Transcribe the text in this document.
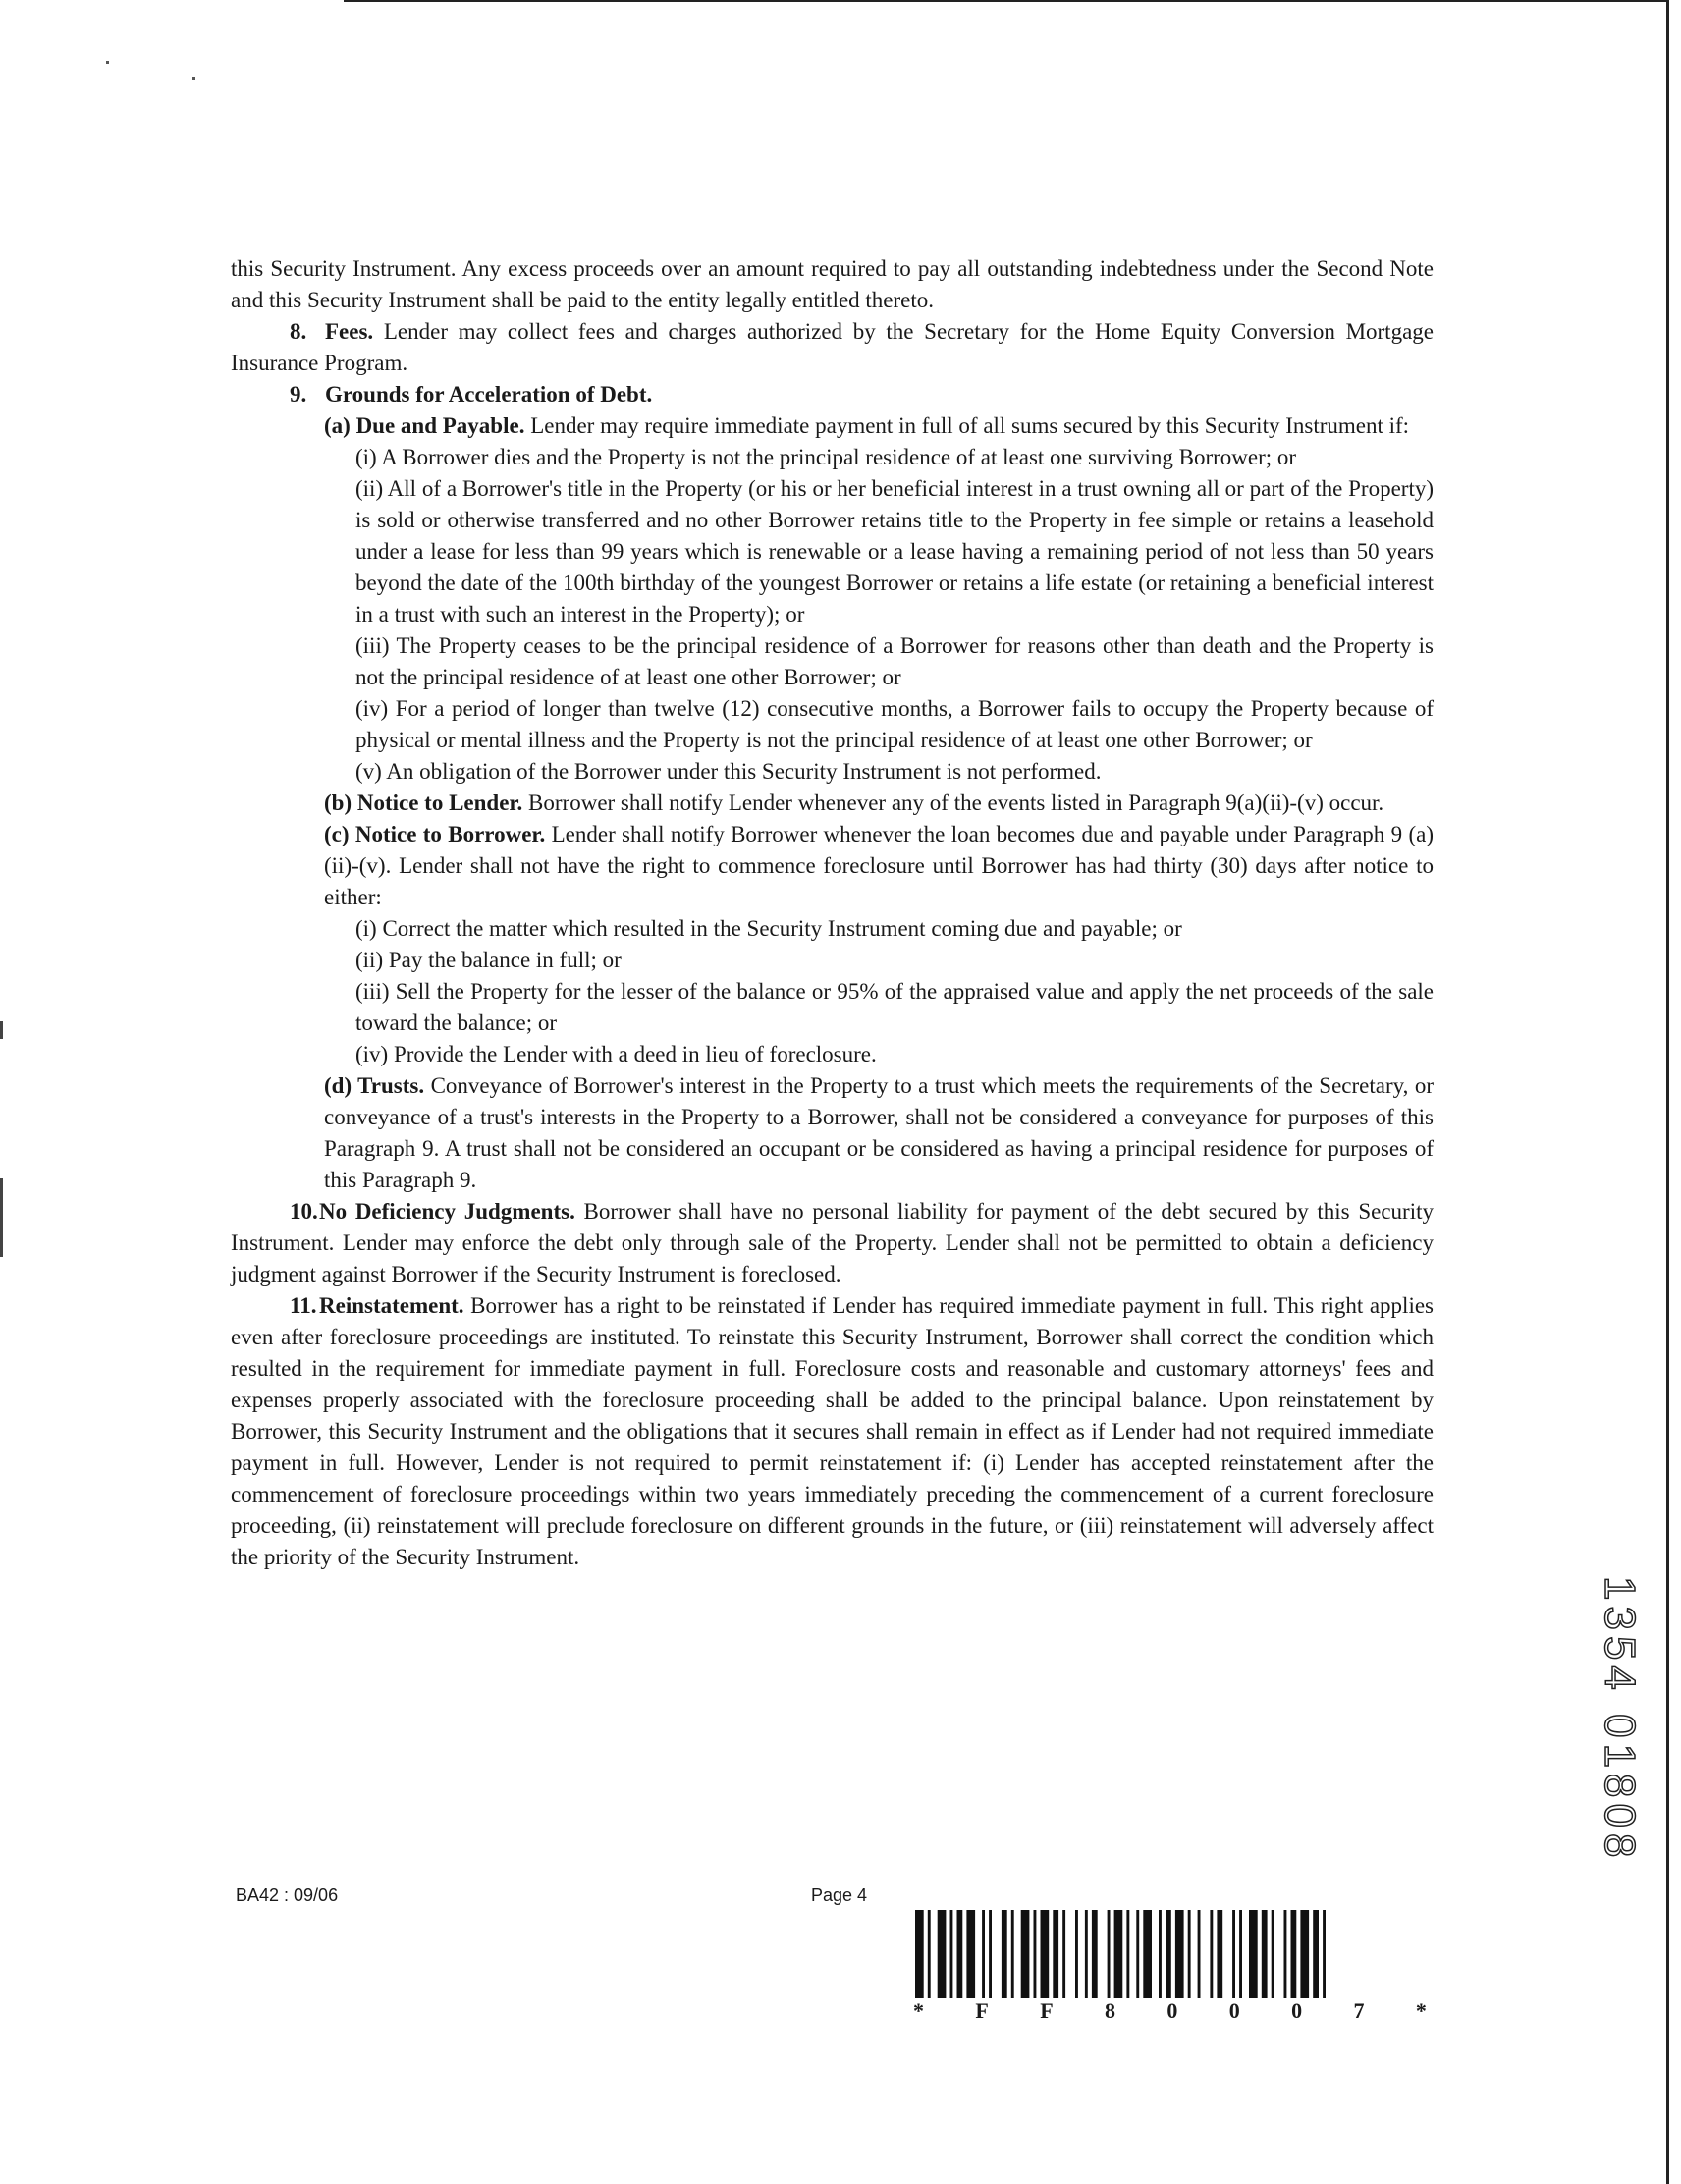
this Security Instrument. Any excess proceeds over an amount required to pay all outstanding indebtedness under the Second Note and this Security Instrument shall be paid to the entity legally entitled thereto.

8. Fees. Lender may collect fees and charges authorized by the Secretary for the Home Equity Conversion Mortgage Insurance Program.

9. Grounds for Acceleration of Debt.

(a) Due and Payable. Lender may require immediate payment in full of all sums secured by this Security Instrument if:

(i) A Borrower dies and the Property is not the principal residence of at least one surviving Borrower; or

(ii) All of a Borrower's title in the Property (or his or her beneficial interest in a trust owning all or part of the Property) is sold or otherwise transferred and no other Borrower retains title to the Property in fee simple or retains a leasehold under a lease for less than 99 years which is renewable or a lease having a remaining period of not less than 50 years beyond the date of the 100th birthday of the youngest Borrower or retains a life estate (or retaining a beneficial interest in a trust with such an interest in the Property); or

(iii) The Property ceases to be the principal residence of a Borrower for reasons other than death and the Property is not the principal residence of at least one other Borrower; or

(iv) For a period of longer than twelve (12) consecutive months, a Borrower fails to occupy the Property because of physical or mental illness and the Property is not the principal residence of at least one other Borrower; or

(v) An obligation of the Borrower under this Security Instrument is not performed.

(b) Notice to Lender. Borrower shall notify Lender whenever any of the events listed in Paragraph 9(a)(ii)-(v) occur.

(c) Notice to Borrower. Lender shall notify Borrower whenever the loan becomes due and payable under Paragraph 9 (a)(ii)-(v). Lender shall not have the right to commence foreclosure until Borrower has had thirty (30) days after notice to either:

(i) Correct the matter which resulted in the Security Instrument coming due and payable; or

(ii) Pay the balance in full; or

(iii) Sell the Property for the lesser of the balance or 95% of the appraised value and apply the net proceeds of the sale toward the balance; or

(iv) Provide the Lender with a deed in lieu of foreclosure.

(d) Trusts. Conveyance of Borrower's interest in the Property to a trust which meets the requirements of the Secretary, or conveyance of a trust's interests in the Property to a Borrower, shall not be considered a conveyance for purposes of this Paragraph 9. A trust shall not be considered an occupant or be considered as having a principal residence for purposes of this Paragraph 9.

10.No Deficiency Judgments. Borrower shall have no personal liability for payment of the debt secured by this Security Instrument. Lender may enforce the debt only through sale of the Property. Lender shall not be permitted to obtain a deficiency judgment against Borrower if the Security Instrument is foreclosed.

11. Reinstatement. Borrower has a right to be reinstated if Lender has required immediate payment in full. This right applies even after foreclosure proceedings are instituted. To reinstate this Security Instrument, Borrower shall correct the condition which resulted in the requirement for immediate payment in full. Foreclosure costs and reasonable and customary attorneys' fees and expenses properly associated with the foreclosure proceeding shall be added to the principal balance. Upon reinstatement by Borrower, this Security Instrument and the obligations that it secures shall remain in effect as if Lender had not required immediate payment in full. However, Lender is not required to permit reinstatement if: (i) Lender has accepted reinstatement after the commencement of foreclosure proceedings within two years immediately preceding the commencement of a current foreclosure proceeding, (ii) reinstatement will preclude foreclosure on different grounds in the future, or (iii) reinstatement will adversely affect the priority of the Security Instrument.

BA42 : 09/06	Page 4
* F F 8 0 0 0 7 *
1354 01808
